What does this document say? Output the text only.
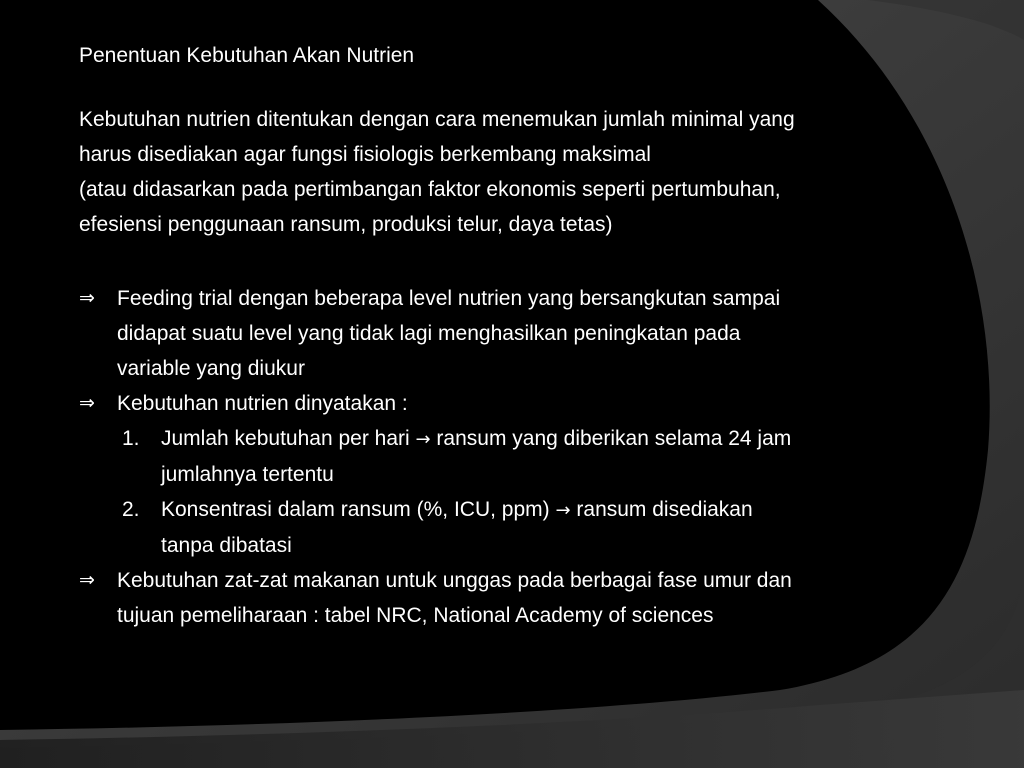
Penentuan Kebutuhan Akan Nutrien
Kebutuhan nutrien ditentukan dengan cara menemukan jumlah minimal yang
harus disediakan agar fungsi fisiologis berkembang maksimal
(atau didasarkan pada pertimbangan faktor ekonomis seperti pertumbuhan,
efesiensi penggunaan ransum, produksi telur, daya tetas)
⇒	Feeding trial dengan beberapa level nutrien yang bersangkutan sampai
didapat suatu level yang tidak lagi menghasilkan peningkatan pada
variable yang diukur
⇒	Kebutuhan nutrien dinyatakan :
1.	Jumlah kebutuhan per hari → ransum yang diberikan selama 24 jam
jumlahnya tertentu
2.	Konsentrasi dalam ransum (%, ICU, ppm) → ransum disediakan
tanpa dibatasi
⇒	Kebutuhan zat-zat makanan untuk unggas pada berbagai fase umur dan
tujuan pemeliharaan : tabel NRC, National Academy of sciences
